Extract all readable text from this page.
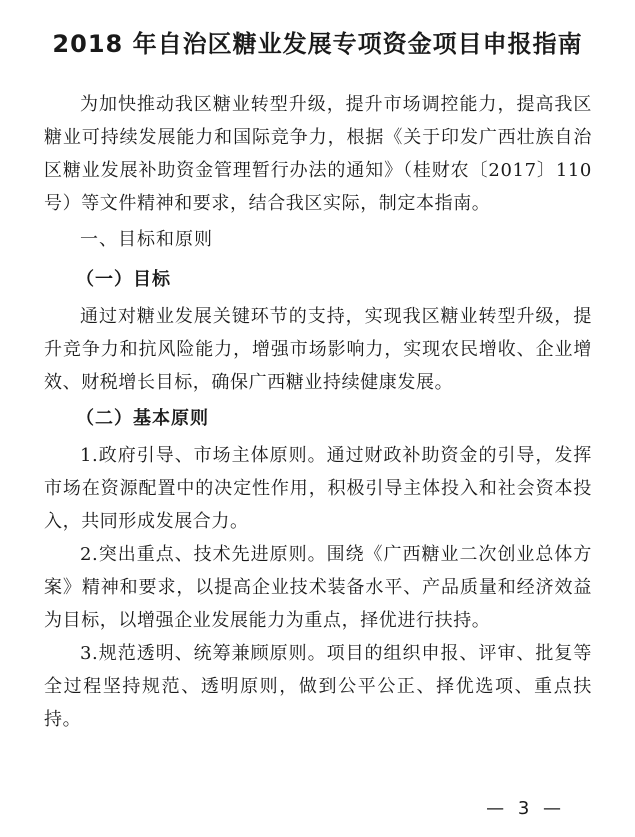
2018 年自治区糖业发展专项资金项目申报指南

为加快推动我区糖业转型升级，提升市场调控能力，提高我区糖业可持续发展能力和国际竞争力，根据《关于印发广西壮族自治区糖业发展补助资金管理暂行办法的通知》（桂财农〔2017〕110 号）等文件精神和要求，结合我区实际，制定本指南。

一、目标和原则

（一）目标

通过对糖业发展关键环节的支持，实现我区糖业转型升级，提升竞争力和抗风险能力，增强市场影响力，实现农民增收、企业增效、财税增长目标，确保广西糖业持续健康发展。

（二）基本原则

1.政府引导、市场主体原则。通过财政补助资金的引导，发挥市场在资源配置中的决定性作用，积极引导主体投入和社会资本投入，共同形成发展合力。

2.突出重点、技术先进原则。围绕《广西糖业二次创业总体方案》精神和要求，以提高企业技术装备水平、产品质量和经济效益为目标，以增强企业发展能力为重点，择优进行扶持。

3.规范透明、统筹兼顾原则。项目的组织申报、评审、批复等全过程坚持规范、透明原则，做到公平公正、择优选项、重点扶持。

— 3 —
